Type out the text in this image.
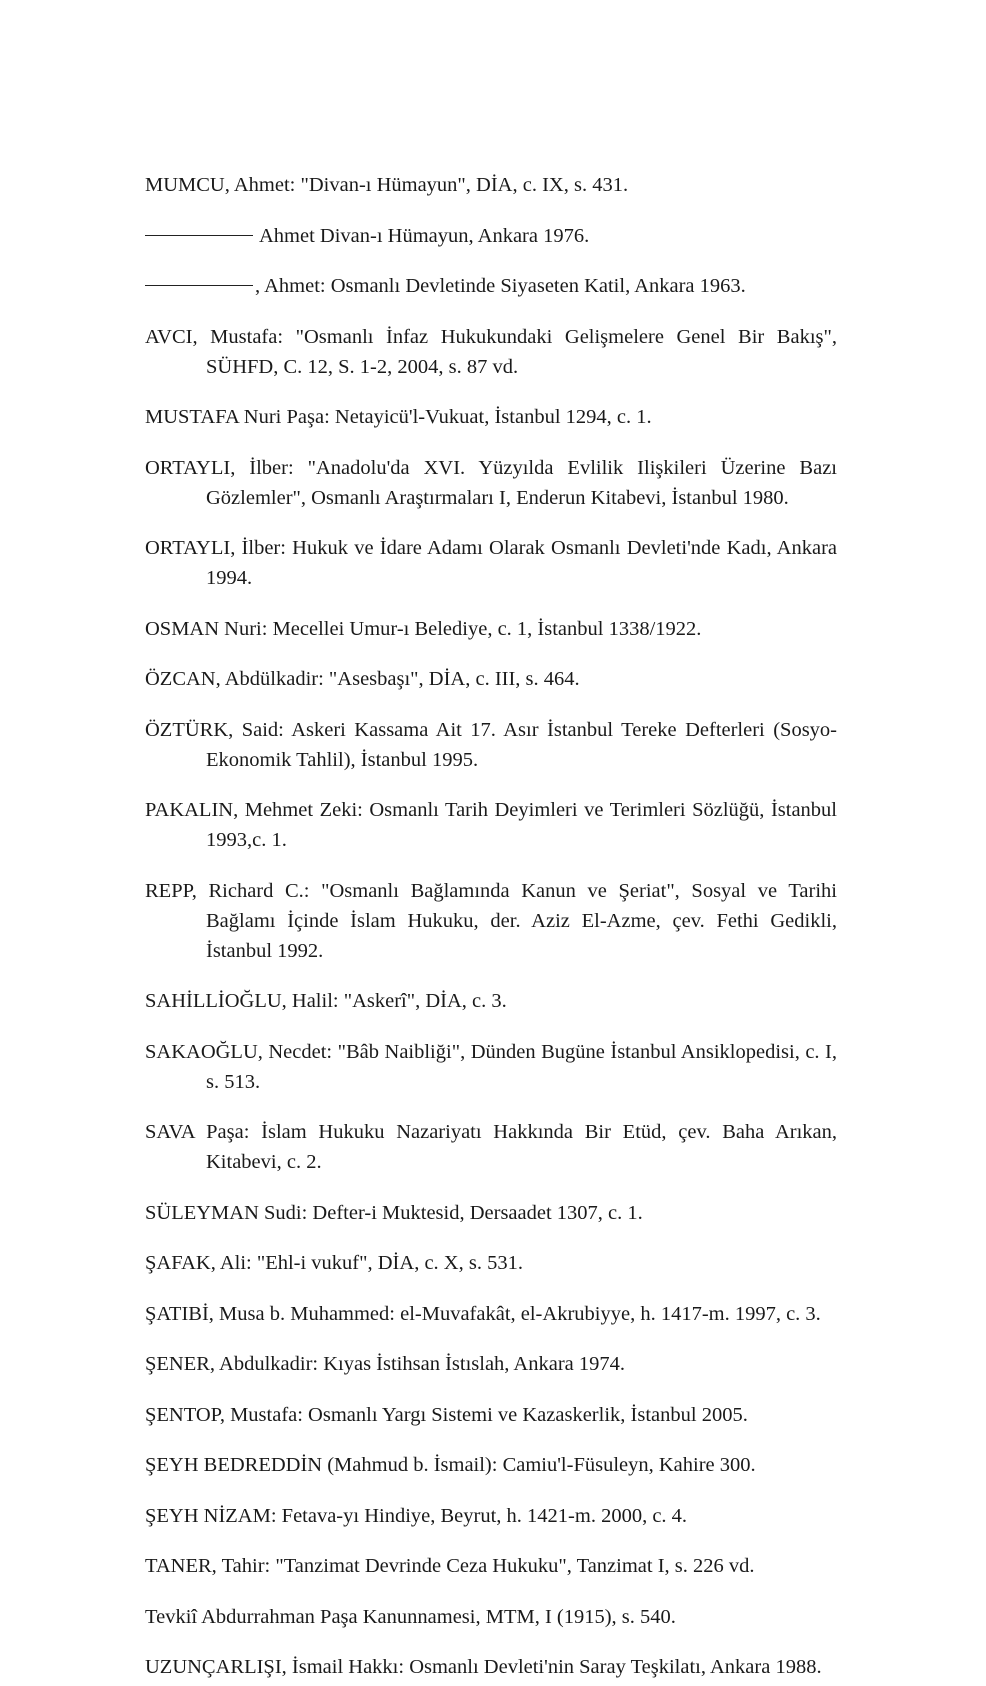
MUMCU, Ahmet: "Divan-ı Hümayun", DİA, c. IX, s. 431.

Ahmet Divan-ı Hümayun, Ankara 1976.

, Ahmet: Osmanlı Devletinde Siyaseten Katil, Ankara 1963.

AVCI, Mustafa: "Osmanlı İnfaz Hukukundaki Gelişmelere Genel Bir Bakış", SÜHFD, C. 12, S. 1-2, 2004, s. 87 vd.

MUSTAFA Nuri Paşa: Netayicü'l-Vukuat, İstanbul 1294, c. 1.

ORTAYLI, İlber: "Anadolu'da XVI. Yüzyılda Evlilik Ilişkileri Üzerine Bazı Gözlemler", Osmanlı Araştırmaları I, Enderun Kitabevi, İstanbul 1980.

ORTAYLI, İlber: Hukuk ve İdare Adamı Olarak Osmanlı Devleti'nde Kadı, Ankara 1994.

OSMAN Nuri: Mecellei Umur-ı Belediye, c. 1, İstanbul 1338/1922.

ÖZCAN, Abdülkadir: "Asesbaşı", DİA, c. III, s. 464.

ÖZTÜRK, Said: Askeri Kassama Ait 17. Asır İstanbul Tereke Defterleri (Sosyo-Ekonomik Tahlil), İstanbul 1995.

PAKALIN, Mehmet Zeki: Osmanlı Tarih Deyimleri ve Terimleri Sözlüğü, İstanbul 1993,c. 1.

REPP, Richard C.: "Osmanlı Bağlamında Kanun ve Şeriat", Sosyal ve Tarihi Bağlamı İçinde İslam Hukuku, der. Aziz El-Azme, çev. Fethi Gedikli, İstanbul 1992.

SAHİLLİOĞLU, Halil: "Askerî", DİA, c. 3.

SAKAOĞLU, Necdet: "Bâb Naibliği", Dünden Bugüne İstanbul Ansiklopedisi, c. I, s. 513.

SAVA Paşa: İslam Hukuku Nazariyatı Hakkında Bir Etüd, çev. Baha Arıkan, Kitabevi, c. 2.

SÜLEYMAN Sudi: Defter-i Muktesid, Dersaadet 1307, c. 1.

ŞAFAK, Ali: "Ehl-i vukuf", DİA, c. X, s. 531.

ŞATIBİ, Musa b. Muhammed: el-Muvafakât, el-Akrubiyye, h. 1417-m. 1997, c. 3.

ŞENER, Abdulkadir: Kıyas İstihsan İstıslah, Ankara 1974.

ŞENTOP, Mustafa: Osmanlı Yargı Sistemi ve Kazaskerlik, İstanbul 2005.

ŞEYH BEDREDDİN (Mahmud b. İsmail): Camiu'l-Füsuleyn, Kahire 300.

ŞEYH NİZAM: Fetava-yı Hindiye, Beyrut, h. 1421-m. 2000, c. 4.

TANER, Tahir: "Tanzimat Devrinde Ceza Hukuku", Tanzimat I, s. 226 vd.

Tevkiî Abdurrahman Paşa Kanunnamesi, MTM, I (1915), s. 540.

UZUNÇARLIŞI, İsmail Hakkı: Osmanlı Devleti'nin Saray Teşkilatı, Ankara 1988.
